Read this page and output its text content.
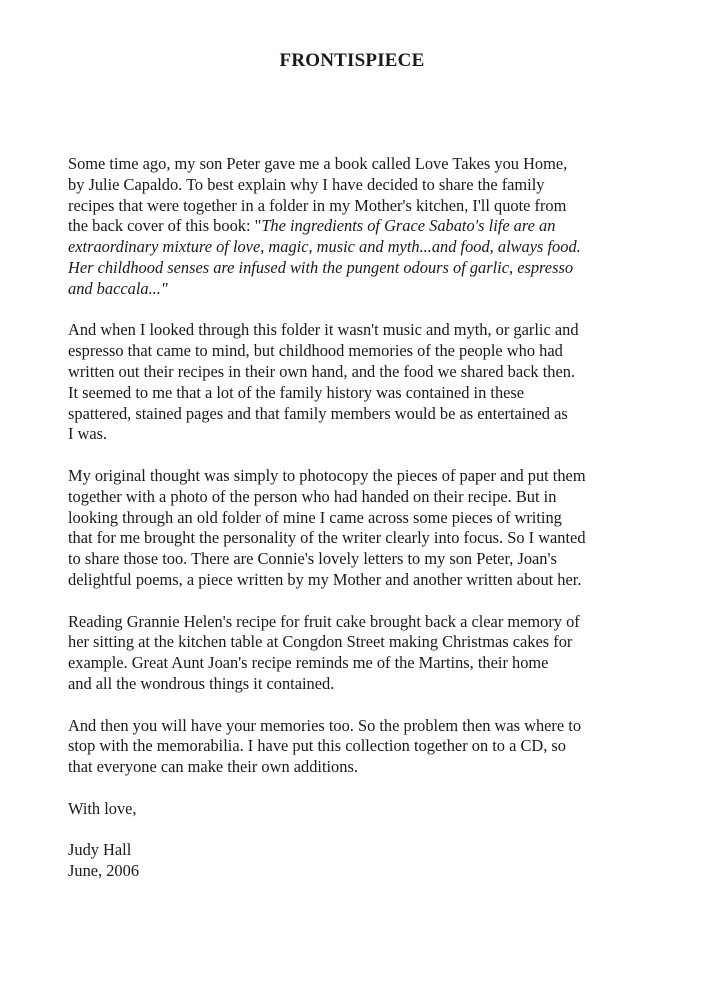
FRONTISPIECE

Some time ago, my son Peter gave me a book called Love Takes you Home,
by Julie Capaldo. To best explain why I have decided to share the family
recipes that were together in a folder in my Mother's kitchen, I'll quote from
the back cover of this book: "The ingredients of Grace Sabato's life are an
extraordinary mixture of love, magic, music and myth...and food, always food.
Her childhood senses are infused with the pungent odours of garlic, espresso
and baccala..."

And when I looked through this folder it wasn't music and myth, or garlic and
espresso that came to mind, but childhood memories of the people who had
written out their recipes in their own hand, and the food we shared back then.
It seemed to me that a lot of the family history was contained in these
spattered, stained pages and that family members would be as entertained as
I was.

My original thought was simply to photocopy the pieces of paper and put them
together with a photo of the person who had handed on their recipe. But in
looking through an old folder of mine I came across some pieces of writing
that for me brought the personality of the writer clearly into focus. So I wanted
to share those too. There are Connie's lovely letters to my son Peter, Joan's
delightful poems, a piece written by my Mother and another written about her.

Reading Grannie Helen's recipe for fruit cake brought back a clear memory of
her sitting at the kitchen table at Congdon Street making Christmas cakes for
example. Great Aunt Joan's recipe reminds me of the Martins, their home
and all the wondrous things it contained.

And then you will have your memories too. So the problem then was where to
stop with the memorabilia. I have put this collection together on to a CD, so
that everyone can make their own additions.

With love,

Judy Hall
June, 2006
